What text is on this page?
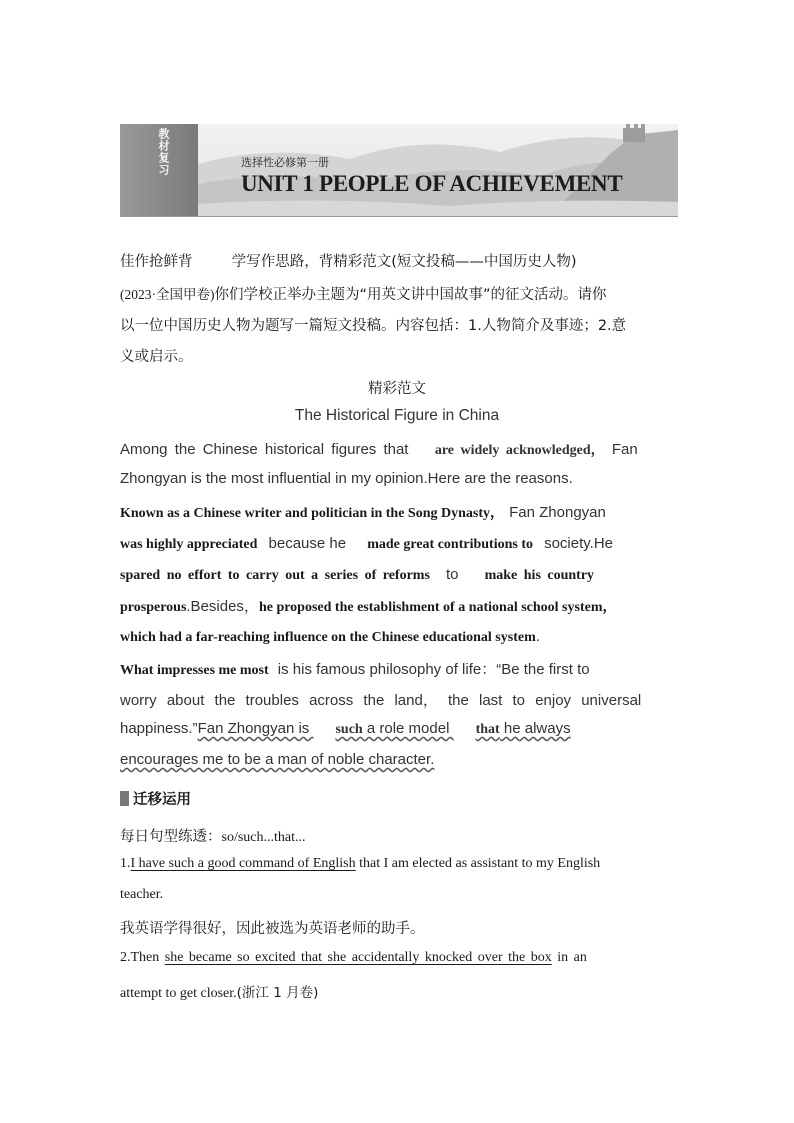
教材复习	选择性必修第一册
UNIT 1 PEOPLE OF ACHIEVEMENT
佳作抢鲜背	学写作思路，背精彩范文(短文投稿——中国历史人物)
(2023·全国甲卷)你们学校正举办主题为“用英文讲中国故事”的征文活动。请你
以一位中国历史人物为题写一篇短文投稿。内容包括：1.人物简介及事迹；2.意
义或启示。
精彩范文
The Historical Figure in China
Among the Chinese historical figures that are widely acknowledged， Fan
Zhongyan is the most influential in my opinion.Here are the reasons.
Known as a Chinese writer and politician in the Song Dynasty， Fan Zhongyan
was highly appreciated because he made great contributions to society.He
spared no effort to carry out a series of reforms to make his country
prosperous.Besides，he proposed the establishment of a national school system，
which had a far-reaching influence on the Chinese educational system.
What impresses me most is his famous philosophy of life：“Be the first to
worry about the troubles across the land， the last to enjoy universal
happiness.”Fan Zhongyan is such a role model that he always
encourages me to be a man of noble character.
迁移运用
每日句型练透：so/such...that...
1.I have such a good command of English that I am elected as assistant to my English
teacher.
我英语学得很好，因此被选为英语老师的助手。
2.Then she became so excited that she accidentally knocked over the box in an
attempt to get closer.(浙江 1 月卷)
